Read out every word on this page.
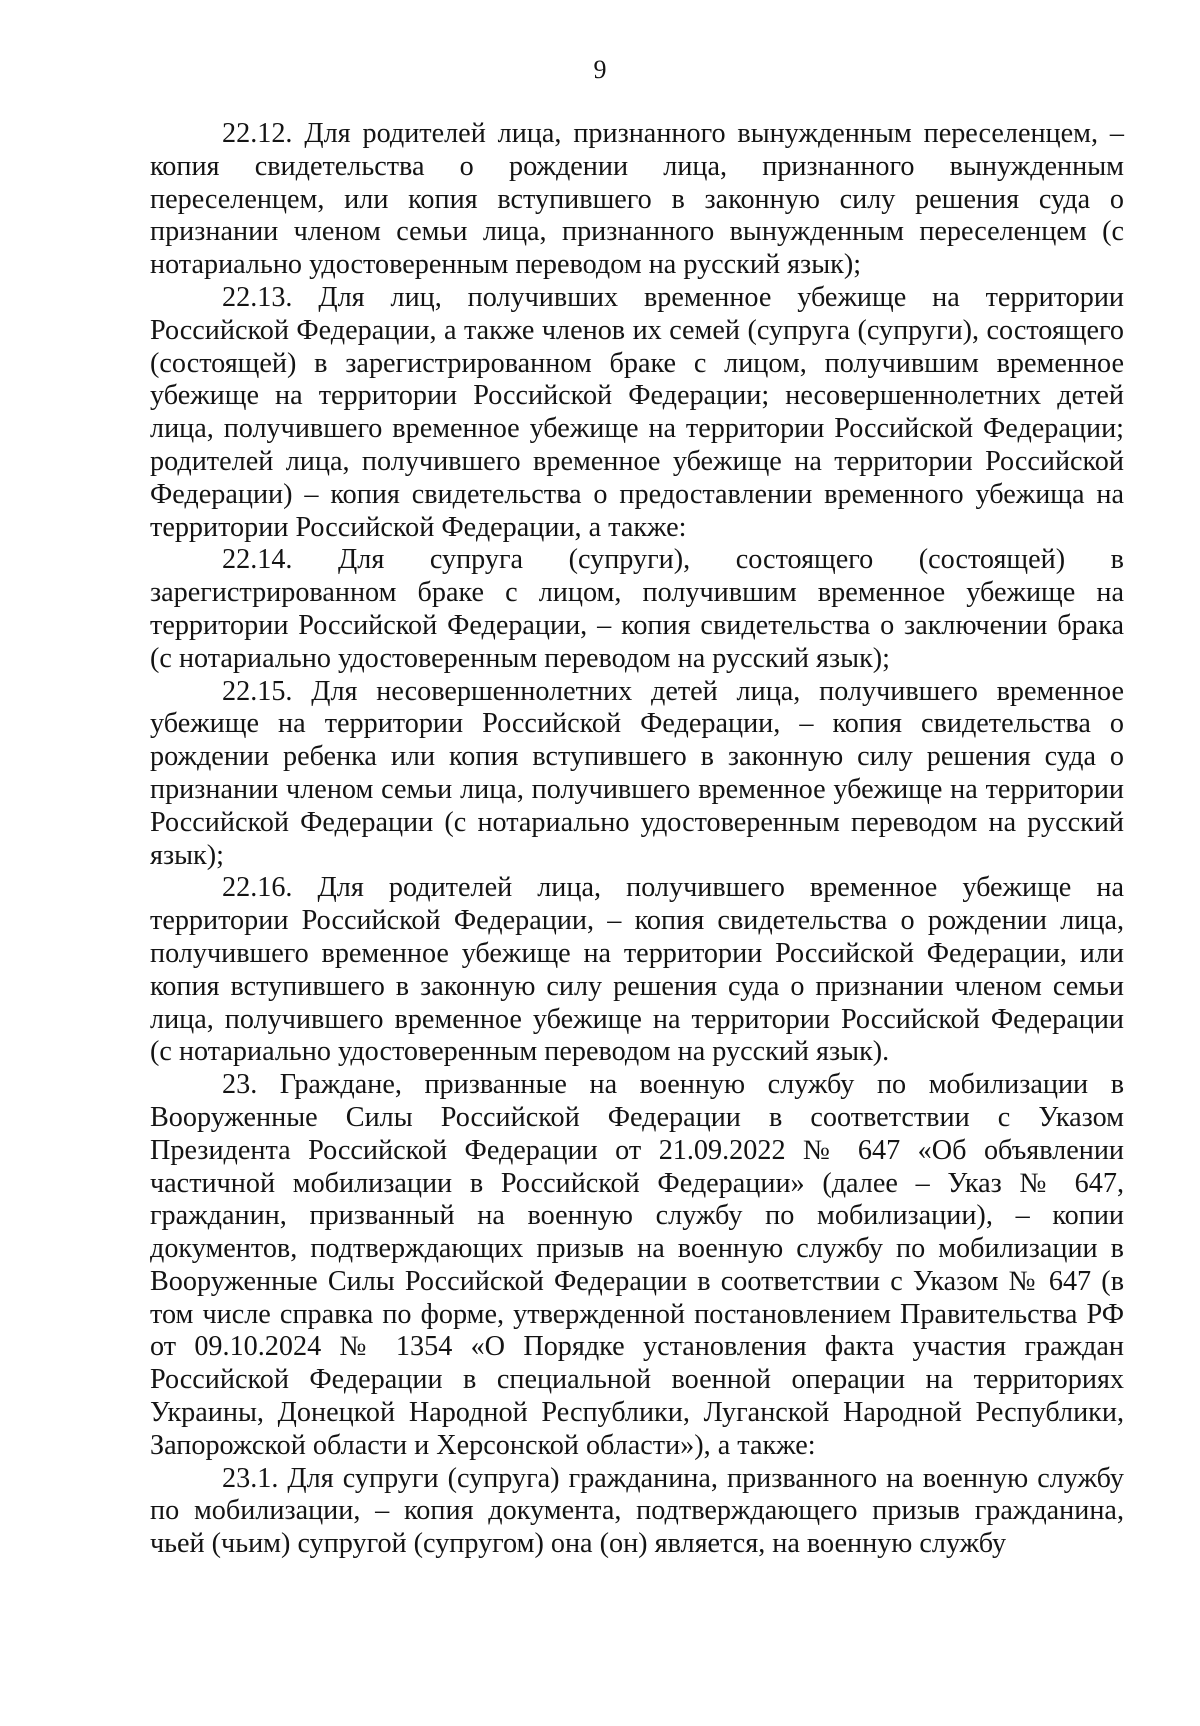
9

22.12. Для родителей лица, признанного вынужденным переселенцем, – копия свидетельства о рождении лица, признанного вынужденным переселенцем, или копия вступившего в законную силу решения суда о признании членом семьи лица, признанного вынужденным переселенцем (с нотариально удостоверенным переводом на русский язык);

22.13. Для лиц, получивших временное убежище на территории Российской Федерации, а также членов их семей (супруга (супруги), состоящего (состоящей) в зарегистрированном браке с лицом, получившим временное убежище на территории Российской Федерации; несовершеннолетних детей лица, получившего временное убежище на территории Российской Федерации; родителей лица, получившего временное убежище на территории Российской Федерации) – копия свидетельства о предоставлении временного убежища на территории Российской Федерации, а также:

22.14. Для супруга (супруги), состоящего (состоящей) в зарегистрированном браке с лицом, получившим временное убежище на территории Российской Федерации, – копия свидетельства о заключении брака (с нотариально удостоверенным переводом на русский язык);

22.15. Для несовершеннолетних детей лица, получившего временное убежище на территории Российской Федерации, – копия свидетельства о рождении ребенка или копия вступившего в законную силу решения суда о признании членом семьи лица, получившего временное убежище на территории Российской Федерации (с нотариально удостоверенным переводом на русский язык);

22.16. Для родителей лица, получившего временное убежище на территории Российской Федерации, – копия свидетельства о рождении лица, получившего временное убежище на территории Российской Федерации, или копия вступившего в законную силу решения суда о признании членом семьи лица, получившего временное убежище на территории Российской Федерации (с нотариально удостоверенным переводом на русский язык).

23. Граждане, призванные на военную службу по мобилизации в Вооруженные Силы Российской Федерации в соответствии с Указом Президента Российской Федерации от 21.09.2022 № 647 «Об объявлении частичной мобилизации в Российской Федерации» (далее – Указ № 647, гражданин, призванный на военную службу по мобилизации), – копии документов, подтверждающих призыв на военную службу по мобилизации в Вооруженные Силы Российской Федерации в соответствии с Указом № 647 (в том числе справка по форме, утвержденной постановлением Правительства РФ от 09.10.2024 № 1354 «О Порядке установления факта участия граждан Российской Федерации в специальной военной операции на территориях Украины, Донецкой Народной Республики, Луганской Народной Республики, Запорожской области и Херсонской области»), а также:

23.1. Для супруги (супруга) гражданина, призванного на военную службу по мобилизации, – копия документа, подтверждающего призыв гражданина, чьей (чьим) супругой (супругом) она (он) является, на военную службу
